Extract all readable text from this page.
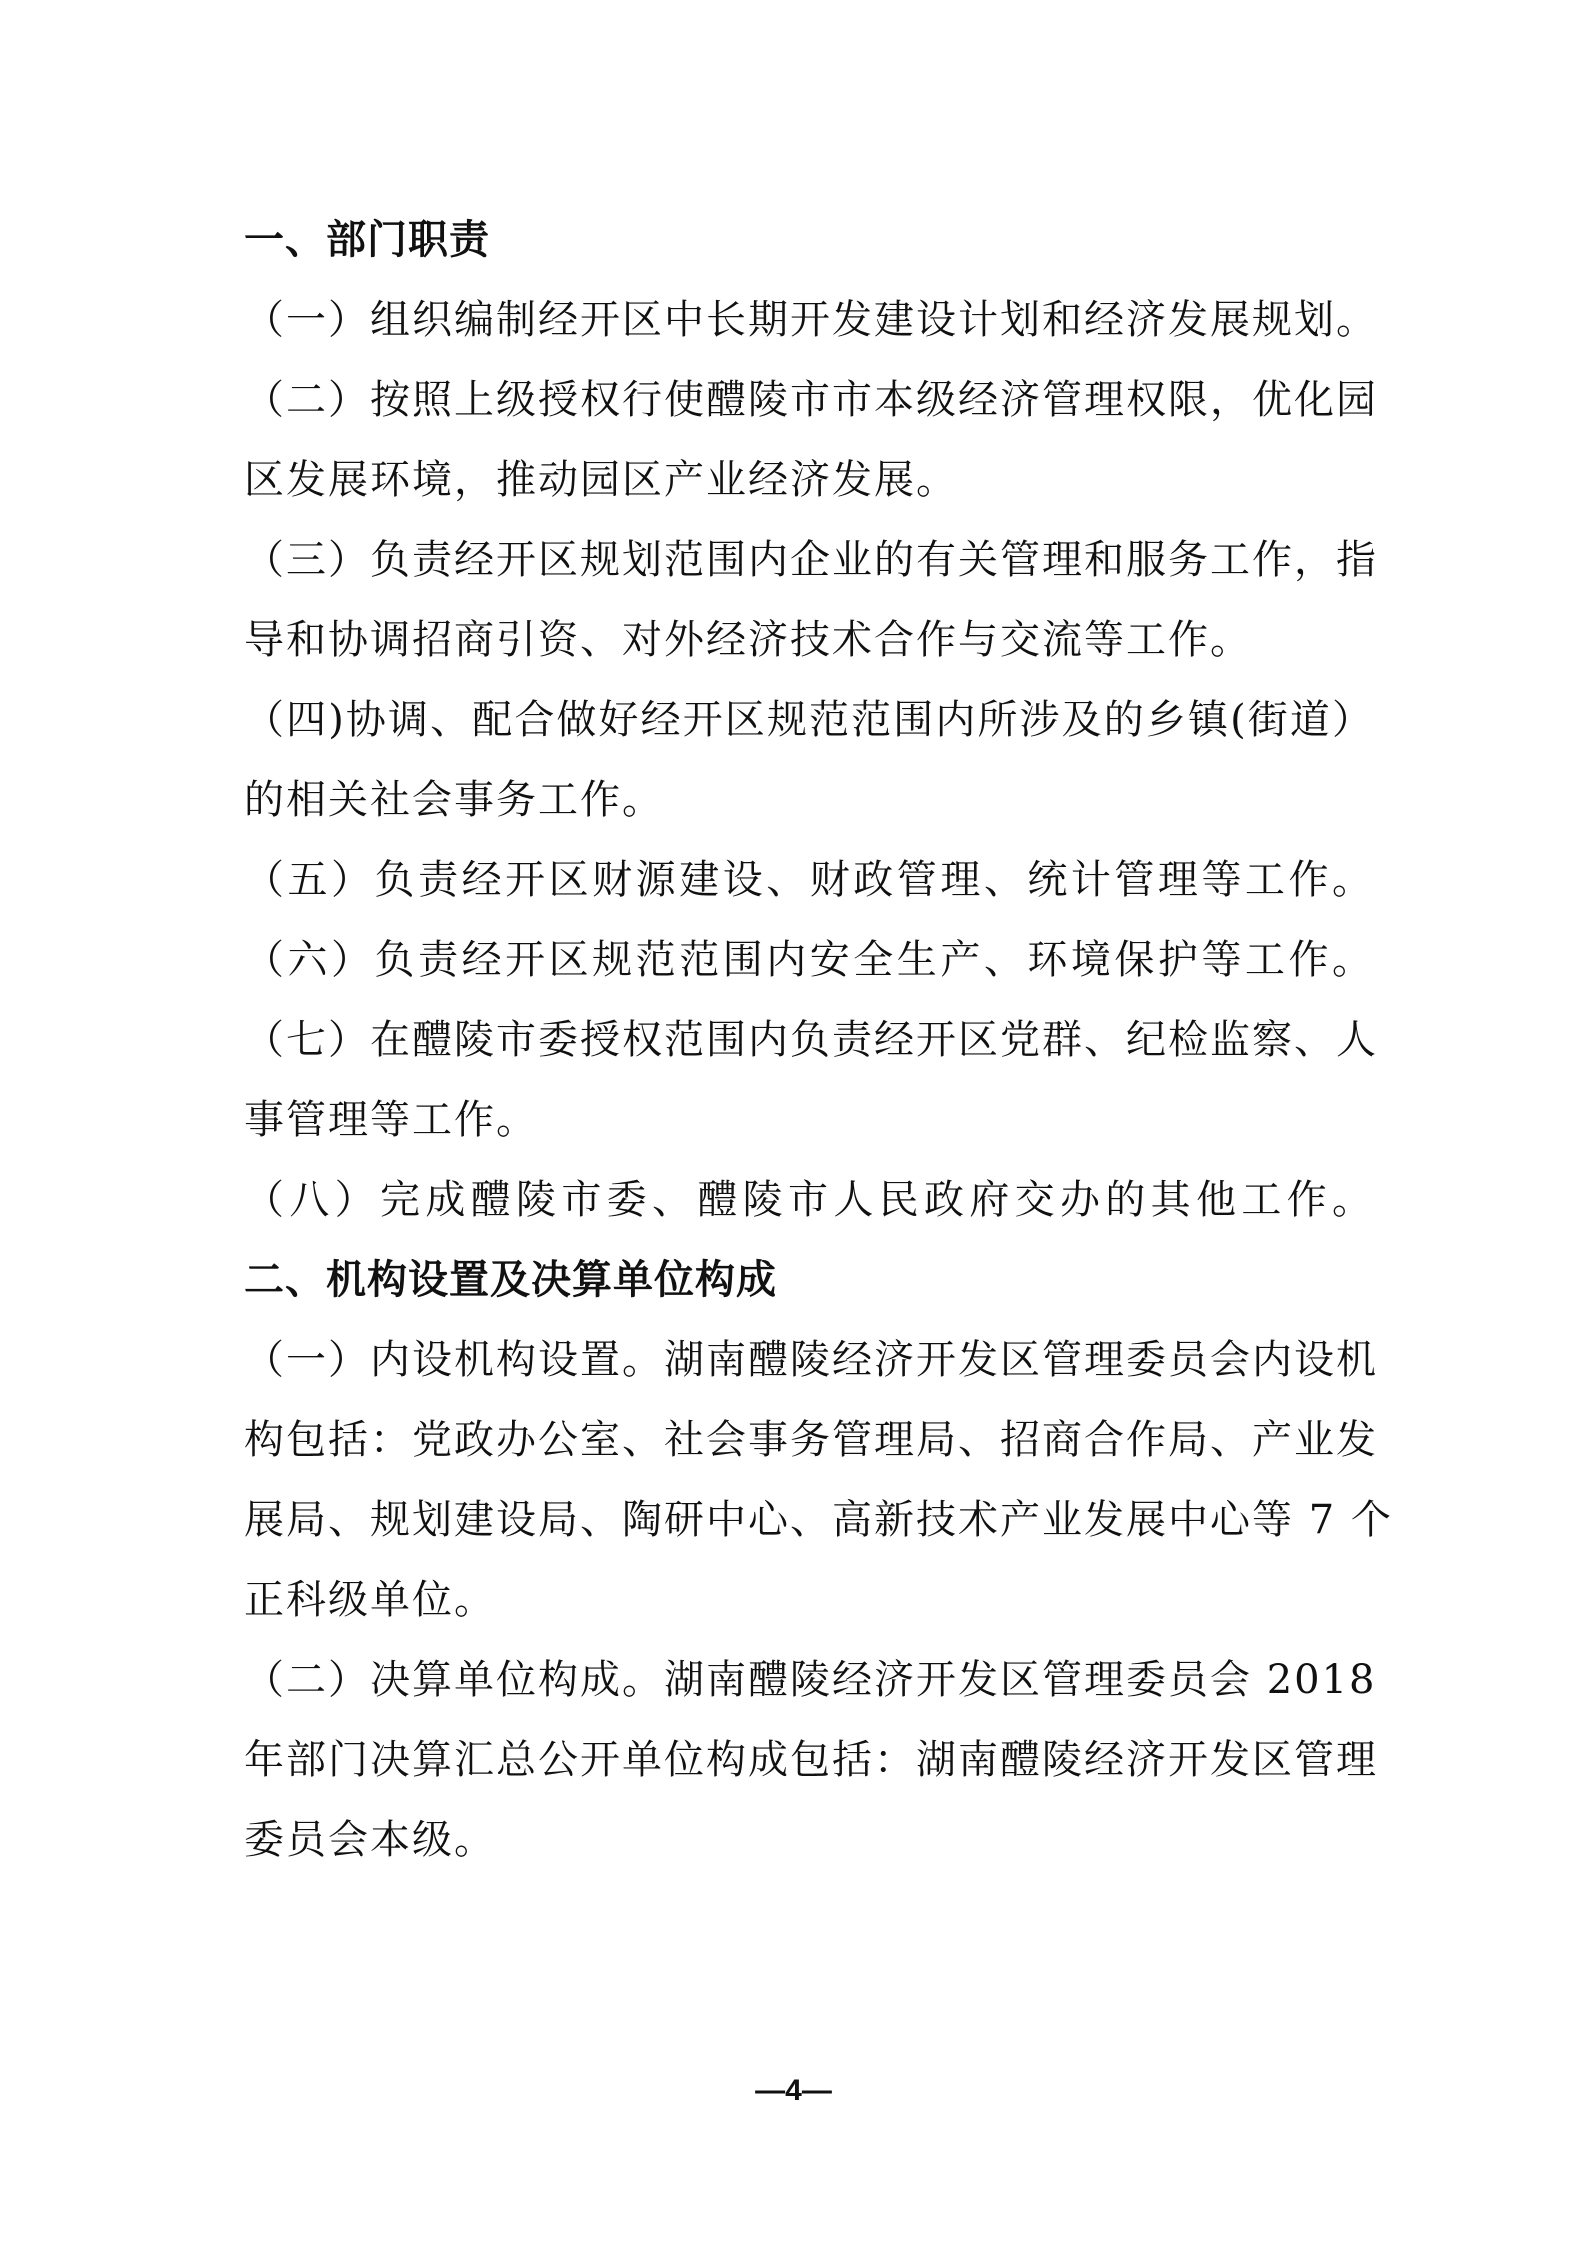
一、部门职责
（一）组织编制经开区中长期开发建设计划和经济发展规划。
（二）按照上级授权行使醴陵市市本级经济管理权限，优化园
区发展环境，推动园区产业经济发展。
（三）负责经开区规划范围内企业的有关管理和服务工作，指
导和协调招商引资、对外经济技术合作与交流等工作。
（四)协调、配合做好经开区规范范围内所涉及的乡镇(街道）
的相关社会事务工作。
（五）负责经开区财源建设、财政管理、统计管理等工作。
（六）负责经开区规范范围内安全生产、环境保护等工作。
（七）在醴陵市委授权范围内负责经开区党群、纪检监察、人
事管理等工作。
（八）完成醴陵市委、醴陵市人民政府交办的其他工作。
二、机构设置及决算单位构成
（一）内设机构设置。湖南醴陵经济开发区管理委员会内设机
构包括：党政办公室、社会事务管理局、招商合作局、产业发
展局、规划建设局、陶研中心、高新技术产业发展中心等 7 个
正科级单位。
（二）决算单位构成。湖南醴陵经济开发区管理委员会 2018
年部门决算汇总公开单位构成包括：湖南醴陵经济开发区管理
委员会本级。
—4—
